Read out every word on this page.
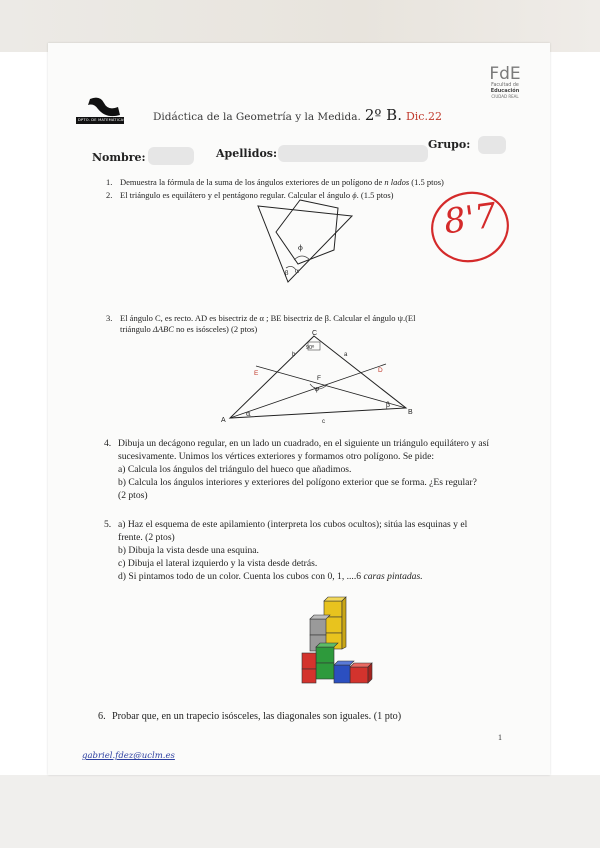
DPTO. DE MATEMÁTICAS	Didáctica de la Geometría y la Medida. 2º B. Dic.22
FdE
Facultad de
Educación
CIUDAD REAL
Nombre:	Apellidos:
Grupo:
1. Demuestra la fórmula de la suma de los ángulos exteriores de un polígono de n lados (1.5 ptos)
2. El triángulo es equilátero y el pentágono regular. Calcular el ángulo ϕ. (1.5 ptos)
ϕ
β α
8'7
3. El ángulo C, es recto. AD es bisectriz de α ; BE bisectriz de β. Calcular el ángulo ψ.(El
triángulo ΔABC no es isósceles) (2 ptos)	C
A
B
D
E
F
b	a
c
90º
ψ
α
β
4. Dibuja un decágono regular, en un lado un cuadrado, en el siguiente un triángulo equilátero y así
sucesivamente. Unimos los vértices exteriores y formamos otro polígono. Se pide:
a) Calcula los ángulos del triángulo del hueco que añadimos.
b) Calcula los ángulos interiores y exteriores del polígono exterior que se forma. ¿Es regular?
(2 ptos)
5. a) Haz el esquema de este apilamiento (interpreta los cubos ocultos); sitúa las esquinas y el
frente. (2 ptos)
b) Dibuja la vista desde una esquina.
c) Dibuja el lateral izquierdo y la vista desde detrás.
d) Si pintamos todo de un color. Cuenta los cubos con 0, 1, ....6 caras pintadas.
6. Probar que, en un trapecio isósceles, las diagonales son iguales. (1 pto)
1
gabriel.fdez@uclm.es
